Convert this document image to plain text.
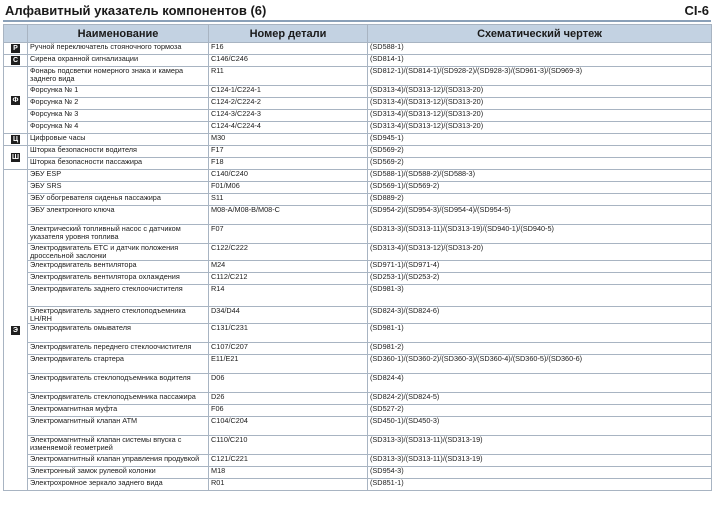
Алфавитный указатель компонентов (6)	CI-6
	Наименование	Номер детали	Схематический чертеж
Р	Ручной переключатель стояночного тормоза	F16	(SD588-1)
С	Сирена охранной сигнализации	C146/C246	(SD814-1)
Ф	Фонарь подсветки номерного знака и камера заднего вида	R11	(SD812-1)/(SD814-1)/(SD928-2)/(SD928-3)/(SD961-3)/(SD969-3)
	Форсунка № 1	C124-1/C224-1	(SD313-4)/(SD313-12)/(SD313-20)
	Форсунка № 2	C124-2/C224-2	(SD313-4)/(SD313-12)/(SD313-20)
	Форсунка № 3	C124-3/C224-3	(SD313-4)/(SD313-12)/(SD313-20)
	Форсунка № 4	C124-4/C224-4	(SD313-4)/(SD313-12)/(SD313-20)
Ц	Цифровые часы	M30	(SD945-1)
Ш	Шторка безопасности водителя	F17	(SD569-2)
	Шторка безопасности пассажира	F18	(SD569-2)
Э	ЭБУ ESP	C140/C240	(SD588-1)/(SD588-2)/(SD588-3)
	ЭБУ SRS	F01/M06	(SD569-1)/(SD569-2)
	ЭБУ обогревателя сиденья пассажира	S11	(SD889-2)
	ЭБУ электронного ключа	M08-A/M08-B/M08-C	(SD954-2)/(SD954-3)/(SD954-4)/(SD954-5)
	Электрический топливный насос с датчиком указателя уровня топлива	F07	(SD313-3)/(SD313-11)/(SD313-19)/(SD940-1)/(SD940-5)
	Электродвигатель ETC и датчик положения дроссельной заслонки	C122/C222	(SD313-4)/(SD313-12)/(SD313-20)
	Электродвигатель вентилятора	M24	(SD971-1)/(SD971-4)
	Электродвигатель вентилятора охлаждения	C112/C212	(SD253-1)/(SD253-2)
	Электродвигатель заднего стеклоочистителя	R14	(SD981-3)
	Электродвигатель заднего стеклоподъемника LH/RH	D34/D44	(SD824-3)/(SD824-6)
	Электродвигатель омывателя	C131/C231	(SD981-1)
	Электродвигатель переднего стеклоочистителя	C107/C207	(SD981-2)
	Электродвигатель стартера	E11/E21	(SD360-1)/(SD360-2)/(SD360-3)/(SD360-4)/(SD360-5)/(SD360-6)
	Электродвигатель стеклоподъемника водителя	D06	(SD824-4)
	Электродвигатель стеклоподъемника пассажира	D26	(SD824-2)/(SD824-5)
	Электромагнитная муфта	F06	(SD527-2)
	Электромагнитный клапан ATM	C104/C204	(SD450-1)/(SD450-3)
	Электромагнитный клапан системы впуска с изменяемой геометрией	C110/C210	(SD313-3)/(SD313-11)/(SD313-19)
	Электромагнитный клапан управления продувкой	C121/C221	(SD313-3)/(SD313-11)/(SD313-19)
	Электронный замок рулевой колонки	M18	(SD954-3)
	Электрохромное зеркало заднего вида	R01	(SD851-1)
